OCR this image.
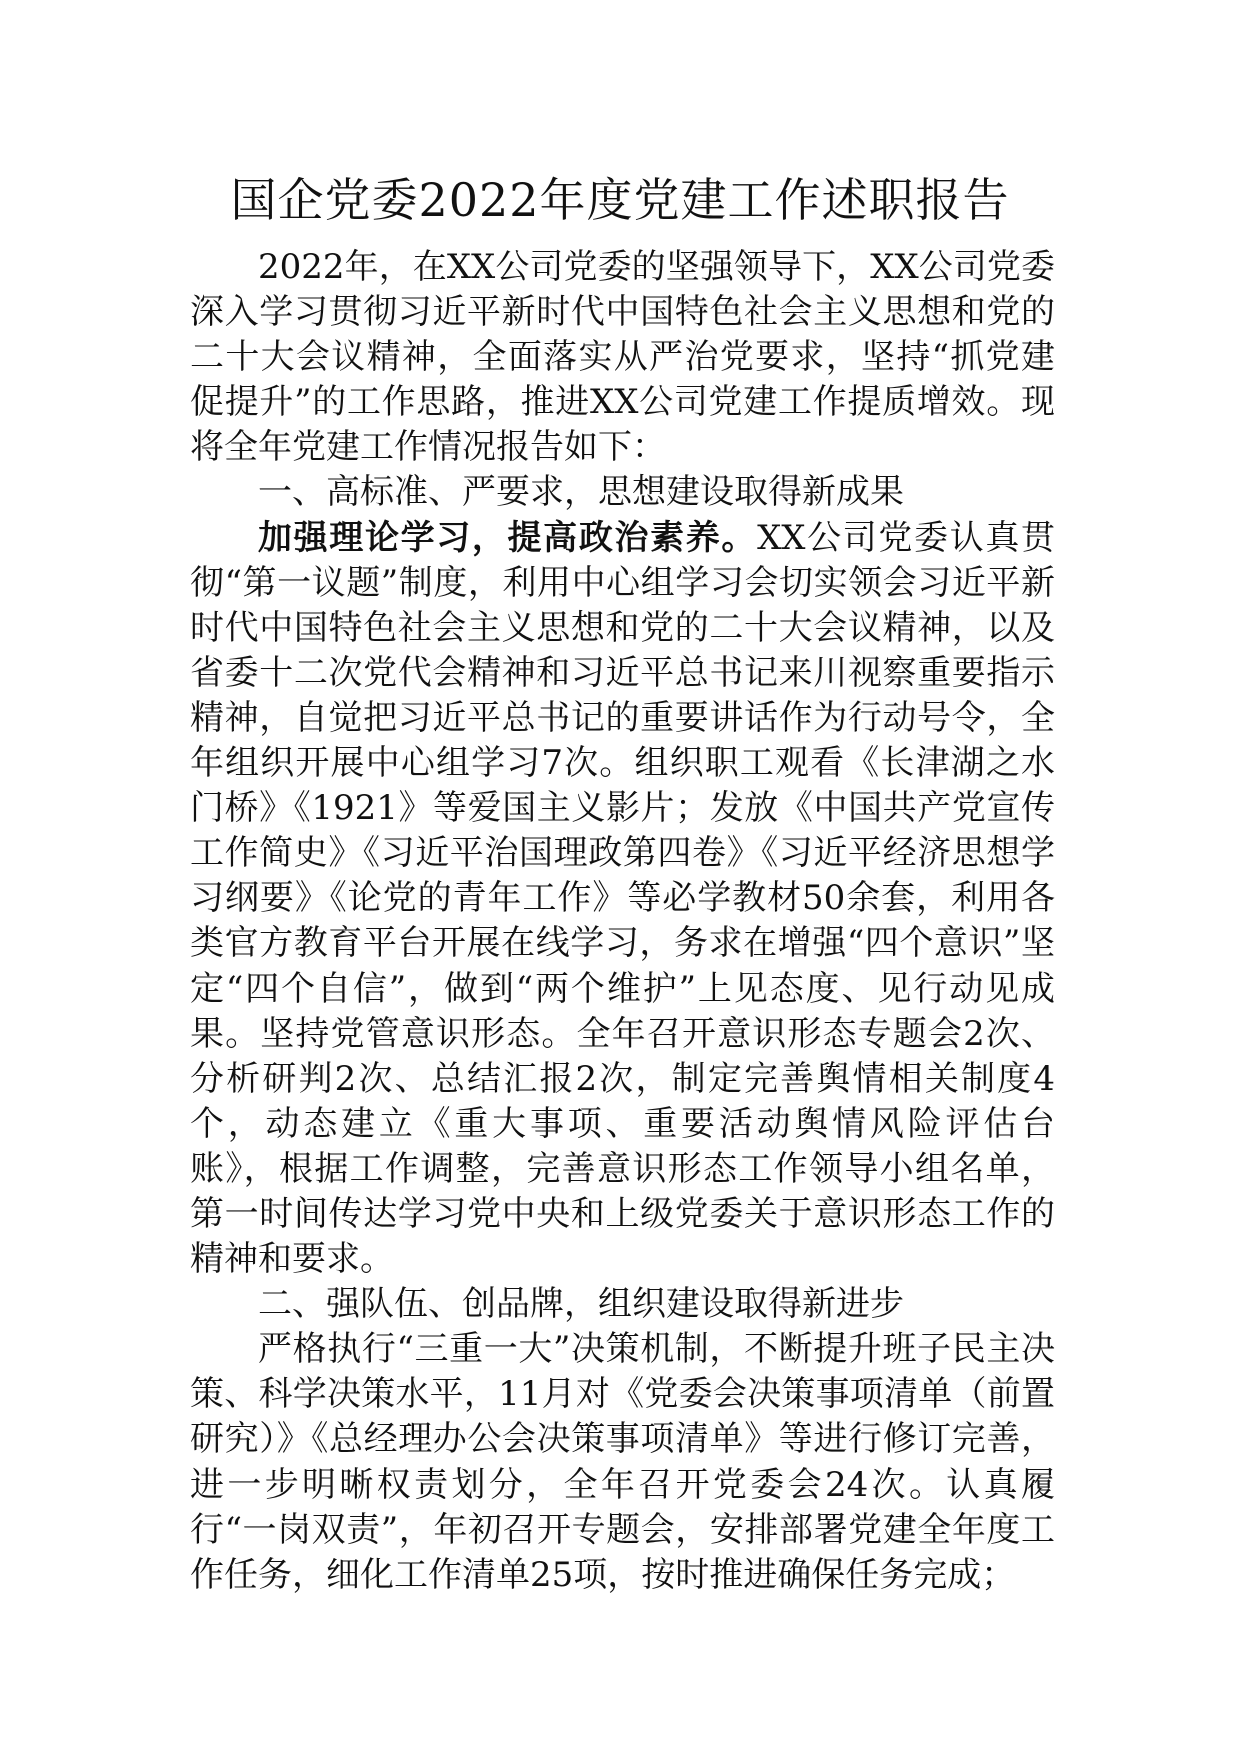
国企党委2022年度党建工作述职报告

2022年，在XX公司党委的坚强领导下，XX公司党委深入学习贯彻习近平新时代中国特色社会主义思想和党的二十大会议精神，全面落实从严治党要求，坚持“抓党建促提升”的工作思路，推进XX公司党建工作提质增效。现将全年党建工作情况报告如下：

一、高标准、严要求，思想建设取得新成果

加强理论学习，提高政治素养。XX公司党委认真贯彻“第一议题”制度，利用中心组学习会切实领会习近平新时代中国特色社会主义思想和党的二十大会议精神，以及省委十二次党代会精神和习近平总书记来川视察重要指示精神，自觉把习近平总书记的重要讲话作为行动号令，全年组织开展中心组学习7次。组织职工观看《长津湖之水门桥》《1921》等爱国主义影片；发放《中国共产党宣传工作简史》《习近平治国理政第四卷》《习近平经济思想学习纲要》《论党的青年工作》等必学教材50余套，利用各类官方教育平台开展在线学习，务求在增强“四个意识”坚定“四个自信”，做到“两个维护”上见态度、见行动见成果。坚持党管意识形态。全年召开意识形态专题会2次、分析研判2次、总结汇报2次，制定完善舆情相关制度4个，动态建立《重大事项、重要活动舆情风险评估台账》，根据工作调整，完善意识形态工作领导小组名单，第一时间传达学习党中央和上级党委关于意识形态工作的精神和要求。

二、强队伍、创品牌，组织建设取得新进步

严格执行“三重一大”决策机制，不断提升班子民主决策、科学决策水平，11月对《党委会决策事项清单（前置研究）》《总经理办公会决策事项清单》等进行修订完善，进一步明晰权责划分，全年召开党委会24次。认真履行“一岗双责”，年初召开专题会，安排部署党建全年度工作任务，细化工作清单25项，按时推进确保任务完成；
